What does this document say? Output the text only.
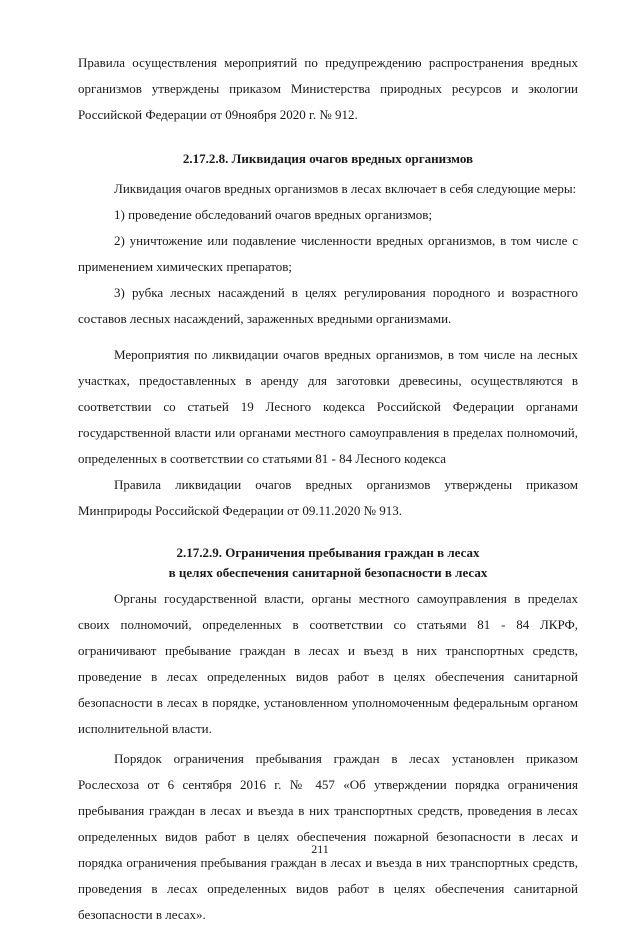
Правила осуществления мероприятий по предупреждению распространения вредных организмов утверждены приказом Министерства природных ресурсов и экологии Российской Федерации от 09ноября 2020 г. № 912.

2.17.2.8. Ликвидация очагов вредных организмов

Ликвидация очагов вредных организмов в лесах включает в себя следующие меры:

1) проведение обследований очагов вредных организмов;

2) уничтожение или подавление численности вредных организмов, в том числе с применением химических препаратов;

3) рубка лесных насаждений в целях регулирования породного и возрастного составов лесных насаждений, зараженных вредными организмами.

Мероприятия по ликвидации очагов вредных организмов, в том числе на лесных участках, предоставленных в аренду для заготовки древесины, осуществляются в соответствии со статьей 19 Лесного кодекса Российской Федерации органами государственной власти или органами местного самоуправления в пределах полномочий, определенных в соответствии со статьями 81 - 84 Лесного кодекса

Правила ликвидации очагов вредных организмов утверждены приказом Минприроды Российской Федерации от 09.11.2020 № 913.

2.17.2.9. Ограничения пребывания граждан в лесах

в целях обеспечения санитарной безопасности в лесах

Органы государственной власти, органы местного самоуправления в пределах своих полномочий, определенных в соответствии со статьями 81 - 84 ЛКРФ, ограничивают пребывание граждан в лесах и въезд в них транспортных средств, проведение в лесах определенных видов работ в целях обеспечения санитарной безопасности в лесах в порядке, установленном уполномоченным федеральным органом исполнительной власти.

Порядок ограничения пребывания граждан в лесах установлен приказом Рослесхоза от 6 сентября 2016 г. № 457 «Об утверждении порядка ограничения пребывания граждан в лесах и въезда в них транспортных средств, проведения в лесах определенных видов работ в целях обеспечения пожарной безопасности в лесах и порядка ограничения пребывания граждан в лесах и въезда в них транспортных средств, проведения в лесах определенных видов работ в целях обеспечения санитарной безопасности в лесах».

211
